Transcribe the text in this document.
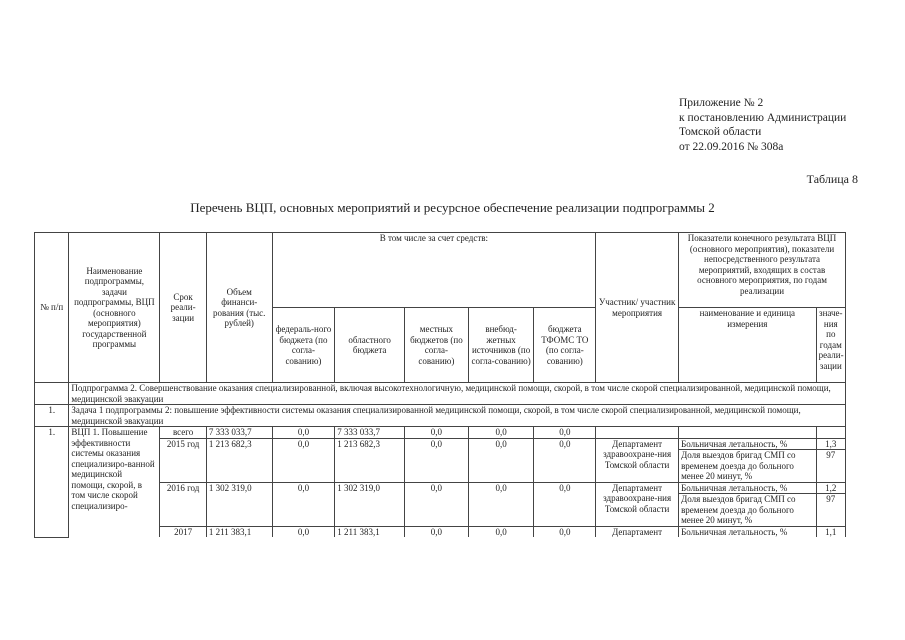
Приложение № 2
к постановлению Администрации
Томской области
от 22.09.2016 № 308а
Таблица 8
Перечень ВЦП, основных мероприятий и ресурсное обеспечение реализации подпрограммы 2
№ п/п	Наименование подпрограммы, задачи подпрограммы, ВЦП (основного мероприятия) государственной программы	Срок реали-зации	Объем финанси-рования (тыс. рублей)	В том числе за счет средств:					Участник/ участник мероприятия	Показатели конечного результата ВЦП (основного мероприятия), показатели непосредственного результата мероприятий, входящих в состав основного мероприятия, по годам реализации	
				федераль-ного бюджета (по согла-сованию)	областного бюджета	местных бюджетов (по согла-сованию)	внебюд-жетных источников (по согла-сованию)	бюджета ТФОМС ТО (по согла-сованию)		наименование и единица измерения	значе-ния по годам реали-зации
	Подпрограмма 2. Совершенствование оказания специализированной, включая высокотехнологичную, медицинской помощи, скорой, в том числе скорой специализированной, медицинской помощи, медицинской эвакуации										
1.	Задача 1 подпрограммы 2: повышение эффективности системы оказания специализированной медицинской помощи, скорой, в том числе скорой специализированной, медицинской помощи, медицинской эвакуации										
1.	ВЦП 1. Повышение эффективности системы оказания специализиро-ванной медицинской помощи, скорой, в том числе скорой специализиро-	всего	7 333 033,7	0,0	7 333 033,7	0,0	0,0	0,0			
		2015 год	1 213 682,3	0,0	1 213 682,3	0,0	0,0	0,0	Департамент здравоохране-ния Томской области	Больничная летальность, %	1,3
										Доля выездов бригад СМП со временем доезда до больного менее 20 минут, %	97
		2016 год	1 302 319,0	0,0	1 302 319,0	0,0	0,0	0,0	Департамент здравоохране-ния Томской области	Больничная летальность, %	1,2
										Доля выездов бригад СМП со временем доезда до больного менее 20 минут, %	97
		2017	1 211 383,1	0,0	1 211 383,1	0,0	0,0	0,0	Департамент	Больничная летальность, %	1,1
